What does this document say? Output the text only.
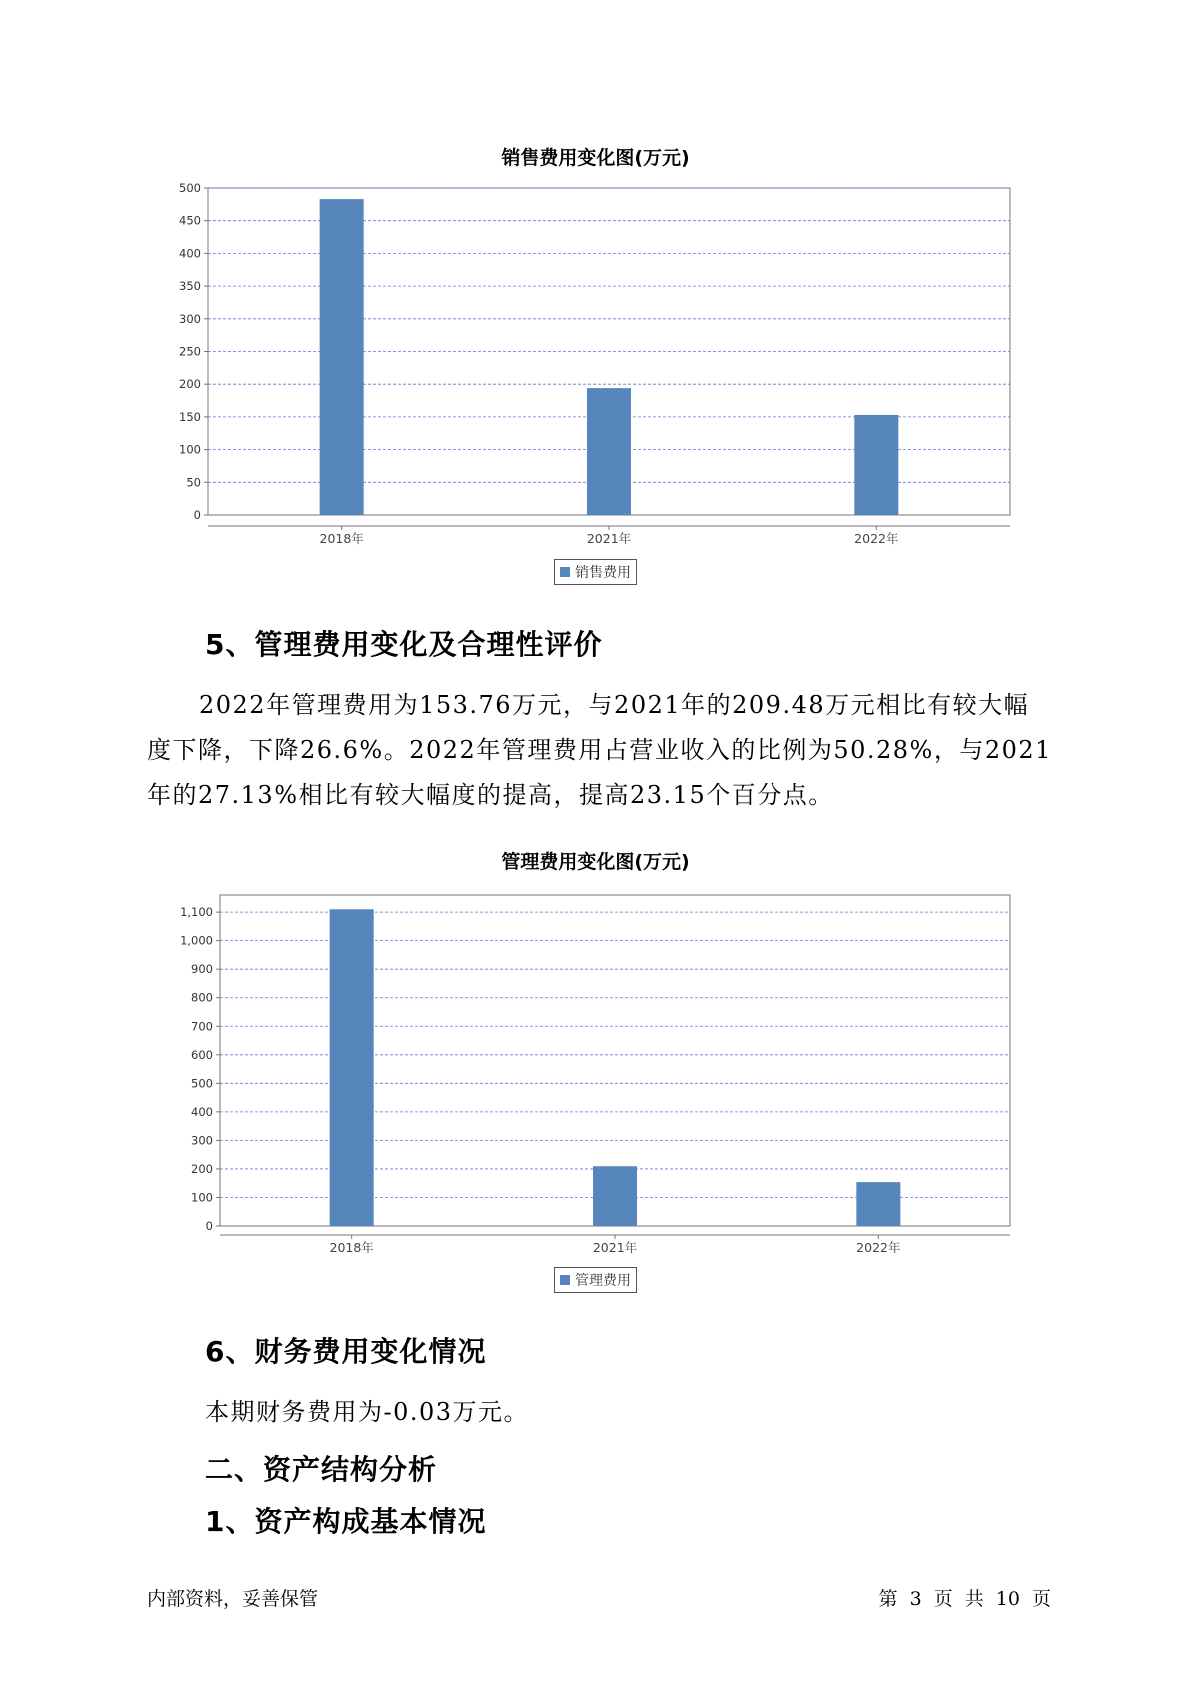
销售费用变化图(万元)
0
50
100
150
200
250
300
350
400
450
500
2018年	2021年	2022年
销售费用
5、管理费用变化及合理性评价
2022年管理费用为153.76万元，与2021年的209.48万元相比有较大幅度下降，下降26.6%。2022年管理费用占营业收入的比例为50.28%，与2021年的27.13%相比有较大幅度的提高，提高23.15个百分点。
管理费用变化图(万元)
0
100
200
300
400
500
600
700
800
900
1,000
1,100
2018年	2021年	2022年
管理费用
6、财务费用变化情况
本期财务费用为-0.03万元。
二、资产结构分析
1、资产构成基本情况
内部资料，妥善保管	第 3 页 共 10 页
